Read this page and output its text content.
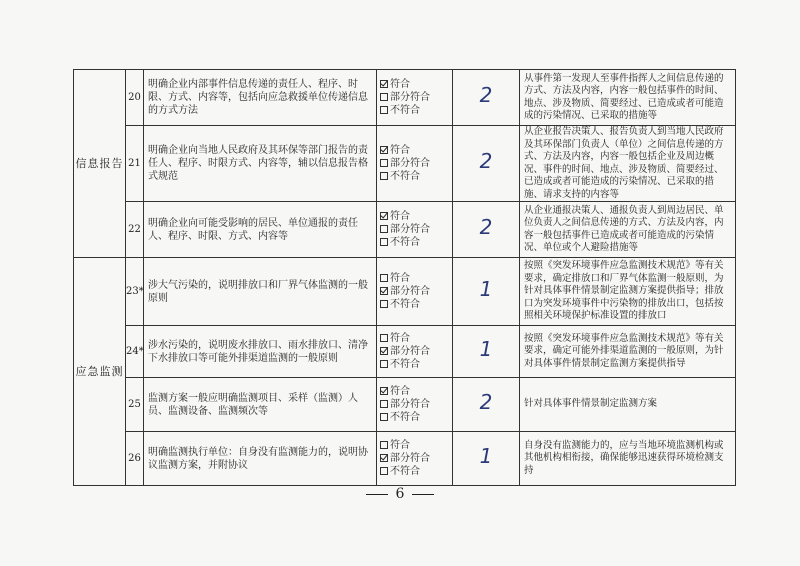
信息报告	20	明确企业内部事件信息传递的责任人、程序、时限、方式、内容等，包括向应急救援单位传递信息的方式方法	符合
部分符合
不符合	2	从事件第一发现人至事件指挥人之间信息传递的方式、方法及内容，内容一般包括事件的时间、地点、涉及物质、简要经过、已造成或者可能造成的污染情况、已采取的措施等
	21	明确企业向当地人民政府及其环保等部门报告的责任人、程序、时限方式、内容等，辅以信息报告格式规范	符合
部分符合
不符合	2	从企业报告决策人、报告负责人到当地人民政府及其环保部门负责人（单位）之间信息传递的方式、方法及内容，内容一般包括企业及周边概况、事件的时间、地点、涉及物质、简要经过、已造成或者可能造成的污染情况、已采取的措施、请求支持的内容等
	22	明确企业向可能受影响的居民、单位通报的责任人、程序、时限、方式、内容等	符合
部分符合
不符合	2	从企业通报决策人、通报负责人到周边居民、单位负责人之间信息传递的方式、方法及内容，内容一般包括事件已造成或者可能造成的污染情况、单位或个人避险措施等
应急监测	23*	涉大气污染的，说明排放口和厂界气体监测的一般原则	符合
部分符合
不符合	1	按照《突发环境事件应急监测技术规范》等有关要求，确定排放口和厂界气体监测一般原则，为针对具体事件情景制定监测方案提供指导；排放口为突发环境事件中污染物的排放出口，包括按照相关环境保护标准设置的排放口
	24*	涉水污染的，说明废水排放口、雨水排放口、清净下水排放口等可能外排渠道监测的一般原则	符合
部分符合
不符合	1	按照《突发环境事件应急监测技术规范》等有关要求，确定可能外排渠道监测的一般原则，为针对具体事件情景制定监测方案提供指导
	25	监测方案一般应明确监测项目、采样（监测）人员、监测设备、监测频次等	符合
部分符合
不符合	2	针对具体事件情景制定监测方案
	26	明确监测执行单位：自身没有监测能力的，说明协议监测方案，并附协议	符合
部分符合
不符合	1	自身没有监测能力的，应与当地环境监测机构或其他机构相衔接，确保能够迅速获得环境检测支持
6
